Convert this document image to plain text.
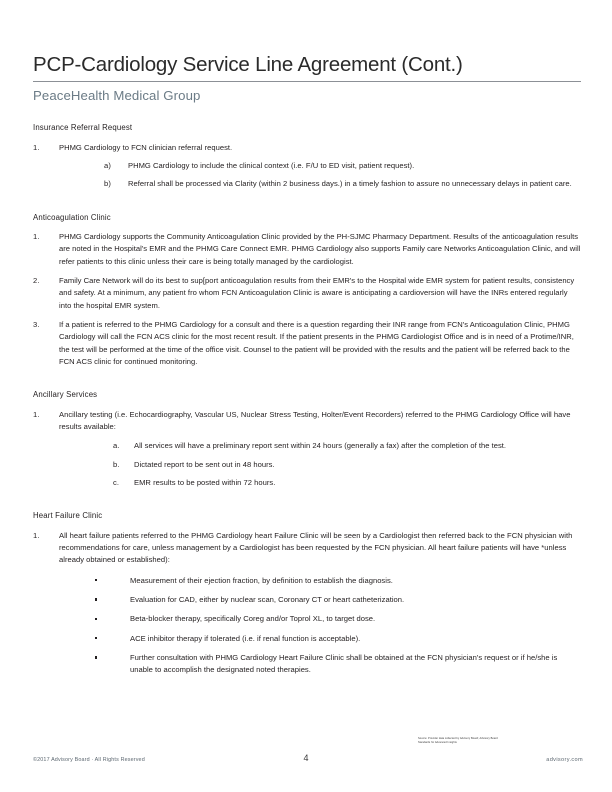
PCP-Cardiology Service Line Agreement (Cont.)
PeaceHealth Medical Group
Insurance Referral Request
1.	PHMG Cardiology to FCN clinician referral request.
a)	PHMG Cardiology to include the clinical context (i.e. F/U to ED visit, patient request).
b)	Referral shall be processed via Clarity (within 2 business days.) in a timely fashion to assure no unnecessary delays in patient care.
Anticoagulation Clinic
1.	PHMG Cardiology supports the Community Anticoagulation Clinic provided by the PH-SJMC Pharmacy Department. Results of the anticoagulation results are noted in the Hospital's EMR and the PHMG Care Connect EMR. PHMG Cardiology also supports Family care Networks Anticoagulation Clinic, and will refer patients to this clinic unless their care is being totally managed by the cardiologist.
2.	Family Care Network will do its best to sup[port anticoagulation results from their EMR's to the Hospital wide EMR system for patient results, consistency and safety. At a minimum, any patient fro whom FCN Anticoagulation Clinic is aware is anticipating a cardioversion will have the INRs entered regularly into the hospital EMR system.
3.	If a patient is referred to the PHMG Cardiology for a consult and there is a question regarding their INR range from FCN's Anticoagulation Clinic, PHMG Cardiology will call the FCN ACS clinic for the most recent result. If the patient presents in the PHMG Cardiologist Office and is in need of a Protime/INR, the test will be performed at the time of the office visit. Counsel to the patient will be provided with the results and the patient will be referred back to the FCN ACS clinic for continued monitoring.
Ancillary Services
1.	Ancillary testing (i.e. Echocardiography, Vascular US, Nuclear Stress Testing, Holter/Event Recorders) referred to the PHMG Cardiology Office will have results available:
a.	All services will have a preliminary report sent within 24 hours (generally a fax) after the completion of the test.
b.	Dictated report to be sent out in 48 hours.
c.	EMR results to be posted within 72 hours.
Heart Failure Clinic
1.	All heart failure patients referred to the PHMG Cardiology heart Failure Clinic will be seen by a Cardiologist then referred back to the FCN physician with recommendations for care, unless management by a Cardiologist has been requested by the FCN physician. All heart failure patients will have *unless already obtained or established):
Measurement of their ejection fraction, by definition to establish the diagnosis.
Evaluation for CAD, either by nuclear scan, Coronary CT or heart catheterization.
Beta-blocker therapy, specifically Coreg and/or Toprol XL, to target dose.
ACE inhibitor therapy if tolerated (i.e. if renal function is acceptable).
Further consultation with PHMG Cardiology Heart Failure Clinic shall be obtained at the FCN physician's request or if he/she is unable to accomplish the designated noted therapies.
Source: Provider data collected by Advisory Board; Advisory Board
Standards for Advanced Insights
©2017 Advisory Board · All Rights Reserved	4	advisory.com
